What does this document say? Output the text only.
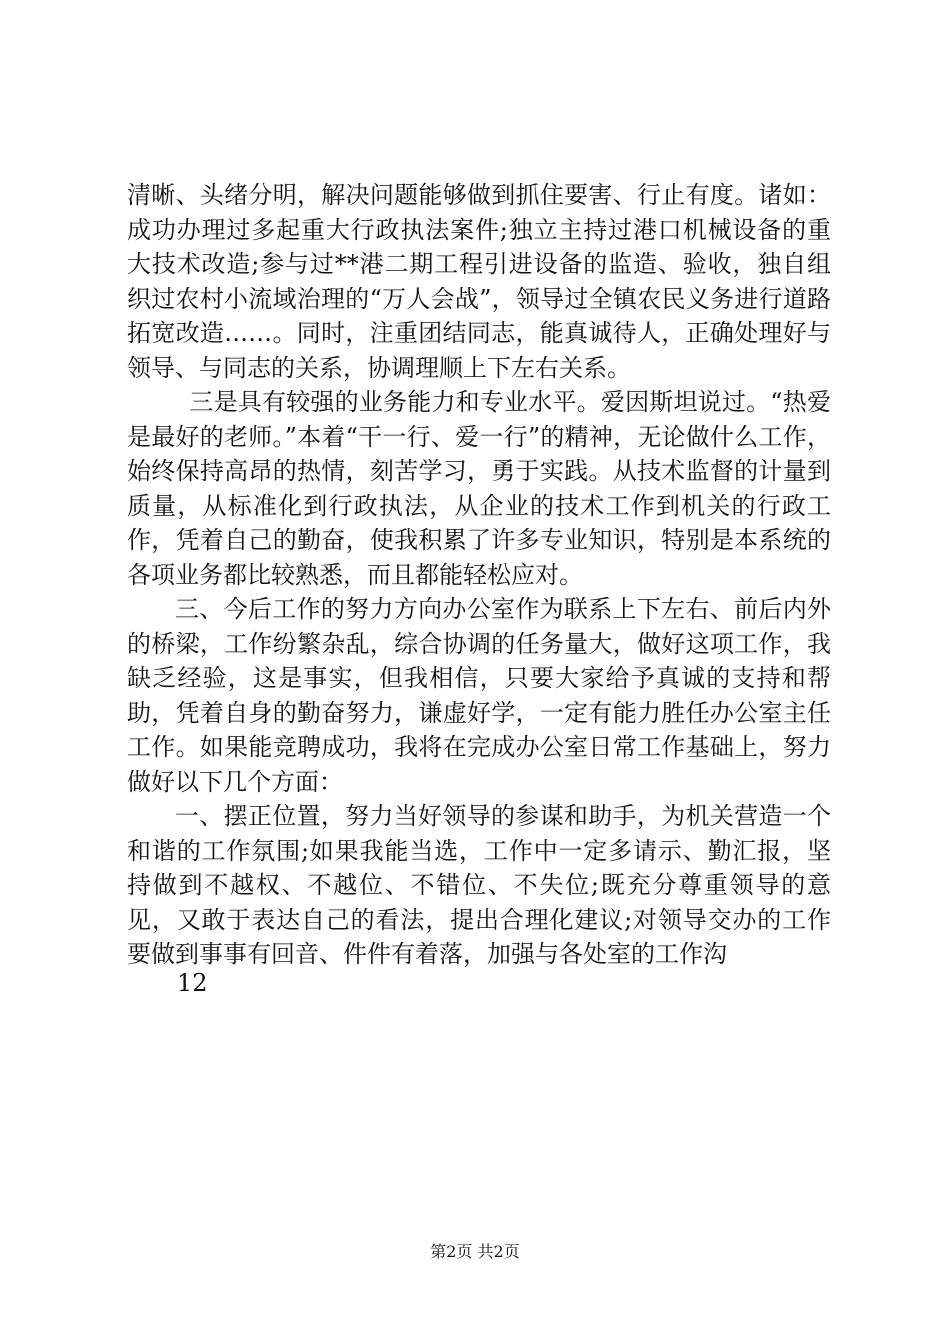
清晰、头绪分明，解决问题能够做到抓住要害、行止有度。诸如：成功办理过多起重大行政执法案件;独立主持过港口机械设备的重大技术改造;参与过**港二期工程引进设备的监造、验收，独自组织过农村小流域治理的“万人会战”，领导过全镇农民义务进行道路拓宽改造……。同时，注重团结同志，能真诚待人，正确处理好与领导、与同志的关系，协调理顺上下左右关系。

三是具有较强的业务能力和专业水平。爱因斯坦说过。“热爱是最好的老师。”本着“干一行、爱一行”的精神，无论做什么工作，始终保持高昂的热情，刻苦学习，勇于实践。从技术监督的计量到质量，从标准化到行政执法，从企业的技术工作到机关的行政工作，凭着自己的勤奋，使我积累了许多专业知识，特别是本系统的各项业务都比较熟悉，而且都能轻松应对。

三、今后工作的努力方向办公室作为联系上下左右、前后内外的桥梁，工作纷繁杂乱，综合协调的任务量大，做好这项工作，我缺乏经验，这是事实，但我相信，只要大家给予真诚的支持和帮助，凭着自身的勤奋努力，谦虚好学，一定有能力胜任办公室主任工作。如果能竞聘成功，我将在完成办公室日常工作基础上，努力做好以下几个方面：

一、摆正位置，努力当好领导的参谋和助手，为机关营造一个和谐的工作氛围;如果我能当选，工作中一定多请示、勤汇报，坚持做到不越权、不越位、不错位、不失位;既充分尊重领导的意见，又敢于表达自己的看法，提出合理化建议;对领导交办的工作要做到事事有回音、件件有着落，加强与各处室的工作沟

12
第2页 共2页
